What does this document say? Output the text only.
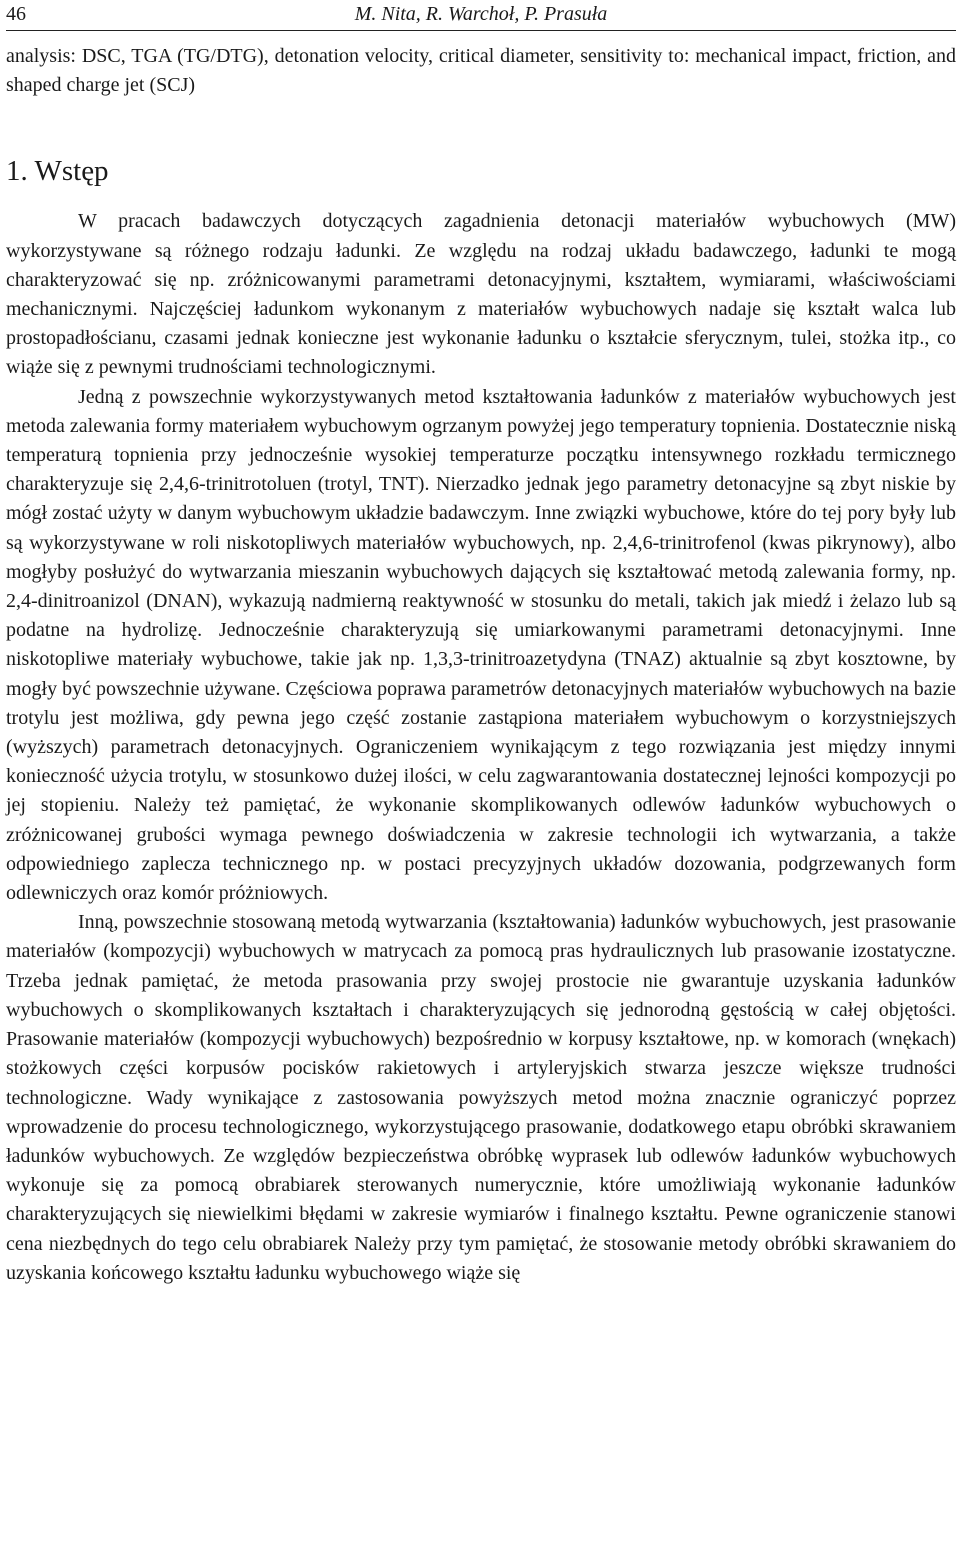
46	M. Nita, R. Warchoł, P. Prasuła

analysis: DSC, TGA (TG/DTG), detonation velocity, critical diameter, sensitivity to: mechanical impact, friction, and shaped charge jet (SCJ)

1. Wstęp

W pracach badawczych dotyczących zagadnienia detonacji materiałów wybuchowych (MW) wykorzystywane są różnego rodzaju ładunki. Ze względu na rodzaj układu badawczego, ładunki te mogą charakteryzować się np. zróżnicowanymi parametrami detonacyjnymi, kształtem, wymiarami, właściwościami mechanicznymi. Najczęściej ładunkom wykonanym z materiałów wybuchowych nadaje się kształt walca lub prostopadłościanu, czasami jednak konieczne jest wykonanie ładunku o kształcie sferycznym, tulei, stożka itp., co wiąże się z pewnymi trudnościami technologicznymi.

Jedną z powszechnie wykorzystywanych metod kształtowania ładunków z materiałów wybuchowych jest metoda zalewania formy materiałem wybuchowym ogrzanym powyżej jego temperatury topnienia. Dostatecznie niską temperaturą topnienia przy jednocześnie wysokiej temperaturze początku intensywnego rozkładu termicznego charakteryzuje się 2,4,6-trinitrotoluen (trotyl, TNT). Nierzadko jednak jego parametry detonacyjne są zbyt niskie by mógł zostać użyty w danym wybuchowym układzie badawczym. Inne związki wybuchowe, które do tej pory były lub są wykorzystywane w roli niskotopliwych materiałów wybuchowych, np. 2,4,6-trinitrofenol (kwas pikrynowy), albo mogłyby posłużyć do wytwarzania mieszanin wybuchowych dających się kształtować metodą zalewania formy, np. 2,4-dinitroanizol (DNAN), wykazują nadmierną reaktywność w stosunku do metali, takich jak miedź i żelazo lub są podatne na hydrolizę. Jednocześnie charakteryzują się umiarkowanymi parametrami detonacyjnymi. Inne niskotopliwe materiały wybuchowe, takie jak np. 1,3,3-trinitroazetydyna (TNAZ) aktualnie są zbyt kosztowne, by mogły być powszechnie używane. Częściowa poprawa parametrów detonacyjnych materiałów wybuchowych na bazie trotylu jest możliwa, gdy pewna jego część zostanie zastąpiona materiałem wybuchowym o korzystniejszych (wyższych) parametrach detonacyjnych. Ograniczeniem wynikającym z tego rozwiązania jest między innymi konieczność użycia trotylu, w stosunkowo dużej ilości, w celu zagwarantowania dostatecznej lejności kompozycji po jej stopieniu. Należy też pamiętać, że wykonanie skomplikowanych odlewów ładunków wybuchowych o zróżnicowanej grubości wymaga pewnego doświadczenia w zakresie technologii ich wytwarzania, a także odpowiedniego zaplecza technicznego np. w postaci precyzyjnych układów dozowania, podgrzewanych form odlewniczych oraz komór próżniowych.

Inną, powszechnie stosowaną metodą wytwarzania (kształtowania) ładunków wybuchowych, jest prasowanie materiałów (kompozycji) wybuchowych w matrycach za pomocą pras hydraulicznych lub prasowanie izostatyczne. Trzeba jednak pamiętać, że metoda prasowania przy swojej prostocie nie gwarantuje uzyskania ładunków wybuchowych o skomplikowanych kształtach i charakteryzujących się jednorodną gęstością w całej objętości. Prasowanie materiałów (kompozycji wybuchowych) bezpośrednio w korpusy kształtowe, np. w komorach (wnękach) stożkowych części korpusów pocisków rakietowych i artyleryjskich stwarza jeszcze większe trudności technologiczne. Wady wynikające z zastosowania powyższych metod można znacznie ograniczyć poprzez wprowadzenie do procesu technologicznego, wykorzystującego prasowanie, dodatkowego etapu obróbki skrawaniem ładunków wybuchowych. Ze względów bezpieczeństwa obróbkę wyprasek lub odlewów ładunków wybuchowych wykonuje się za pomocą obrabiarek sterowanych numerycznie, które umożliwiają wykonanie ładunków charakteryzujących się niewielkimi błędami w zakresie wymiarów i finalnego kształtu. Pewne ograniczenie stanowi cena niezbędnych do tego celu obrabiarek Należy przy tym pamiętać, że stosowanie metody obróbki skrawaniem do uzyskania końcowego kształtu ładunku wybuchowego wiąże się
